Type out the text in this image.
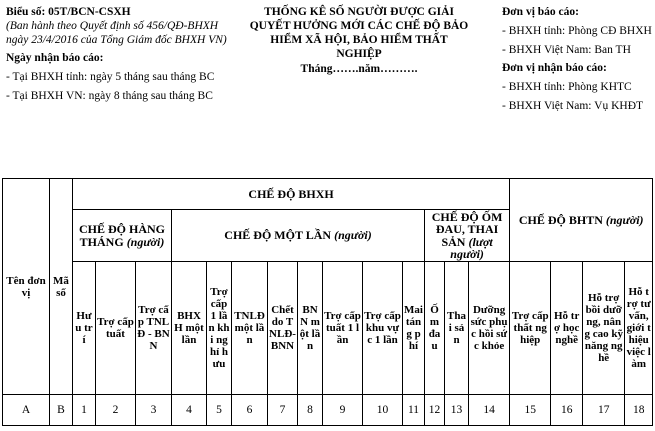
Biểu số: 05T/BCN-CSXH

(Ban hành theo Quyết định số 456/QĐ-BHXH ngày 23/4/2016 của Tổng Giám đốc BHXH VN)

Ngày nhận báo cáo:

- Tại BHXH tỉnh: ngày 5 tháng sau tháng BC

- Tại BHXH VN: ngày 8 tháng sau tháng BC

THỐNG KÊ SỐ NGƯỜI ĐƯỢC GIẢI QUYẾT HƯỞNG MỚI CÁC CHẾ ĐỘ BẢO HIỂM XÃ HỘI, BẢO HIỂM THẤT NGHIỆP

Tháng…….năm……….

Đơn vị báo cáo:

- BHXH tỉnh: Phòng CĐ BHXH

- BHXH Việt Nam: Ban TH

Đơn vị nhận báo cáo:

- BHXH tỉnh: Phòng KHTC

- BHXH Việt Nam: Vụ KHĐT

Tên đơn vị	Mã số	CHẾ ĐỘ BHXH														CHẾ ĐỘ BHTN (người)			
		CHẾ ĐỘ HÀNG THÁNG (người)			CHẾ ĐỘ MỘT LẦN (người)								CHẾ ĐỘ ỐM ĐAU, THAI SẢN (lượt người)						
		Hưu trí	Trợ cấp tuất	Trợ cấp TNLĐ - BNN	BHXH một lần	Trợ cấp 1 lần khi nghỉ hưu	TNLĐ một lần	Chết do TNLĐ-BNN	BNN một lần	Trợ cấp tuất 1 lần	Trợ cấp khu vực 1 lần	Mai táng phí	Ốm đau	Thai sản	Dưỡng sức phục hồi sức khỏe	Trợ cấp thất nghiệp	Hỗ trợ học nghề	Hỗ trợ bồi dưỡng, nâng cao kỹ năng nghề	Hỗ trợ tư vấn, giới thiệu việc làm
A	B	1	2	3	4	5	6	7	8	9	10	11	12	13	14	15	16	17	18
